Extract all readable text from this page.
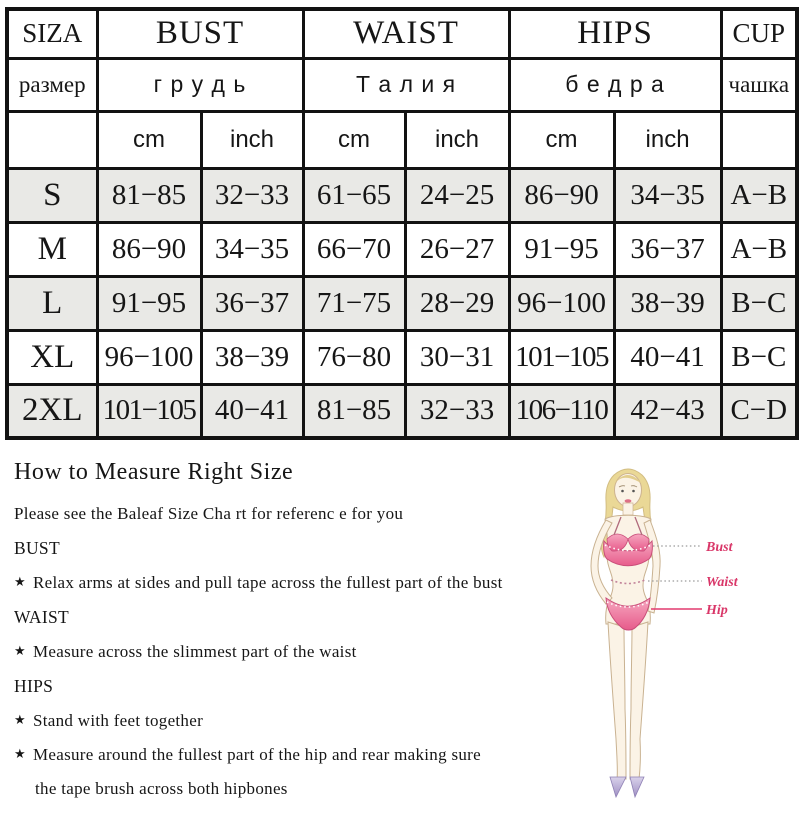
SIZA	BUST		WAIST		HIPS		CUP
размер	г р у д ь		Т а л и я		б е д р а		чашка
	cm	inch	cm	inch	cm	inch	
S	81−85	32−33	61−65	24−25	86−90	34−35	A−B
M	86−90	34−35	66−70	26−27	91−95	36−37	A−B
L	91−95	36−37	71−75	28−29	96−100	38−39	B−C
XL	96−100	38−39	76−80	30−31	101−105	40−41	B−C
2XL	101−105	40−41	81−85	32−33	106−110	42−43	C−D
How to Measure Right Size
Please see the Baleaf Size Cha rt for referenc e for you
BUST
★ Relax arms at sides and pull tape across the fullest part of the bust
WAIST
★ Measure across the slimmest part of the waist
HIPS
★ Stand with feet together
★ Measure around the fullest part of the hip and rear making sure
the tape brush across both hipbones
Bust
Waist
Hip
